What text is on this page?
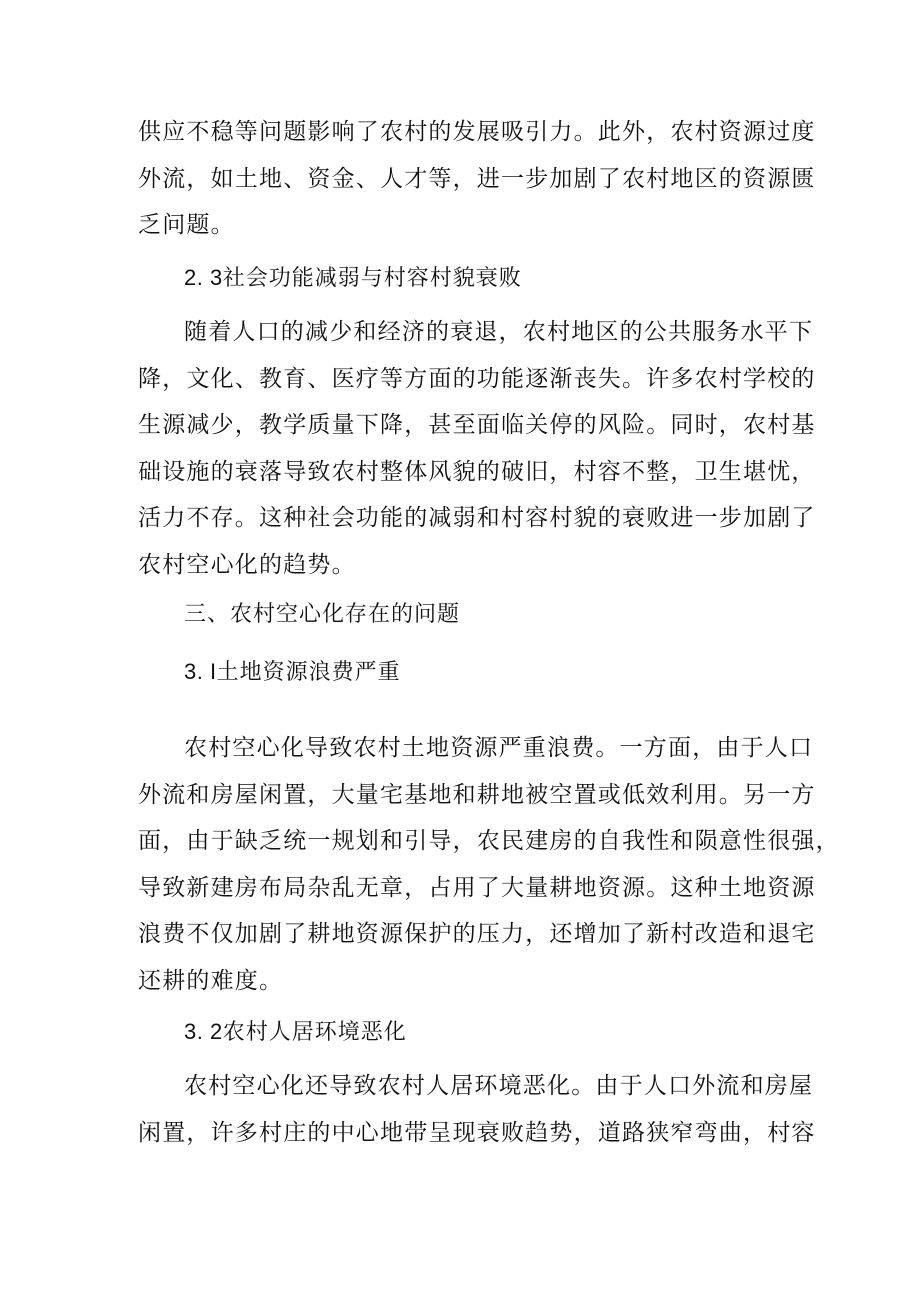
供应不稳等问题影响了农村的发展吸引力。此外，农村资源过度
外流，如土地、资金、人才等，进一步加剧了农村地区的资源匮
乏问题。
2. 3社会功能减弱与村容村貌衰败
随着人口的减少和经济的衰退，农村地区的公共服务水平下
降，文化、教育、医疗等方面的功能逐渐丧失。许多农村学校的
生源减少，教学质量下降，甚至面临关停的风险。同时，农村基
础设施的衰落导致农村整体风貌的破旧，村容不整，卫生堪忧，
活力不存。这种社会功能的减弱和村容村貌的衰败进一步加剧了
农村空心化的趋势。
三、农村空心化存在的问题
3. I土地资源浪费严重
农村空心化导致农村土地资源严重浪费。一方面，由于人口
外流和房屋闲置，大量宅基地和耕地被空置或低效利用。另一方
面，由于缺乏统一规划和引导，农民建房的自我性和陨意性很强，
导致新建房布局杂乱无章，占用了大量耕地资源。这种土地资源
浪费不仅加剧了耕地资源保护的压力，还增加了新村改造和退宅
还耕的难度。
3. 2农村人居环境恶化
农村空心化还导致农村人居环境恶化。由于人口外流和房屋
闲置，许多村庄的中心地带呈现衰败趋势，道路狭窄弯曲，村容
